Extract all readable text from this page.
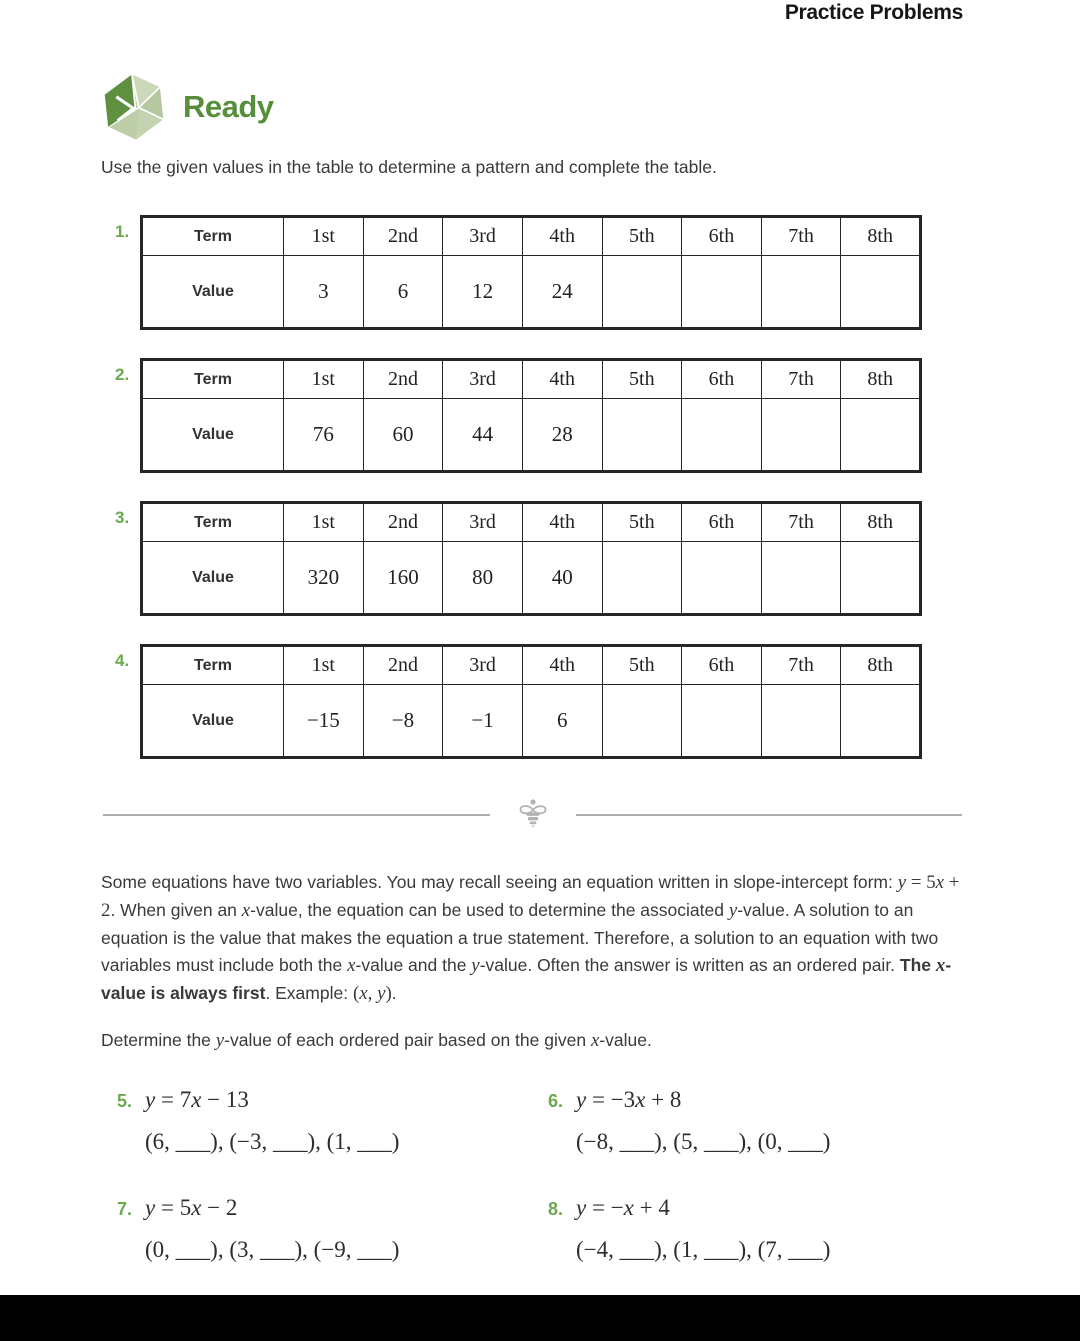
Practice Problems
Ready
Use the given values in the table to determine a pattern and complete the table.
1.	Term	1st	2nd	3rd	4th	5th	6th	7th	8th
Value	3	6	12	24				
2.	Term	1st	2nd	3rd	4th	5th	6th	7th	8th
Value	76	60	44	28				
3.	Term	1st	2nd	3rd	4th	5th	6th	7th	8th
Value	320	160	80	40				
4.	Term	1st	2nd	3rd	4th	5th	6th	7th	8th
Value	−15	−8	−1	6				
Some equations have two variables. You may recall seeing an equation written in slope-intercept form: y = 5x + 2. When given an x-value, the equation can be used to determine the associated y-value. A solution to an equation is the value that makes the equation a true statement. Therefore, a solution to an equation with two variables must include both the x-value and the y-value. Often the answer is written as an ordered pair. The x-value is always first. Example: (x, y).
Determine the y-value of each ordered pair based on the given x-value.
5. y = 7x − 13
(6, ___), (−3, ___), (1, ___)
6. y = −3x + 8
(−8, ___), (5, ___), (0, ___)
7. y = 5x − 2
(0, ___), (3, ___), (−9, ___)
8. y = −x + 4
(−4, ___), (1, ___), (7, ___)
